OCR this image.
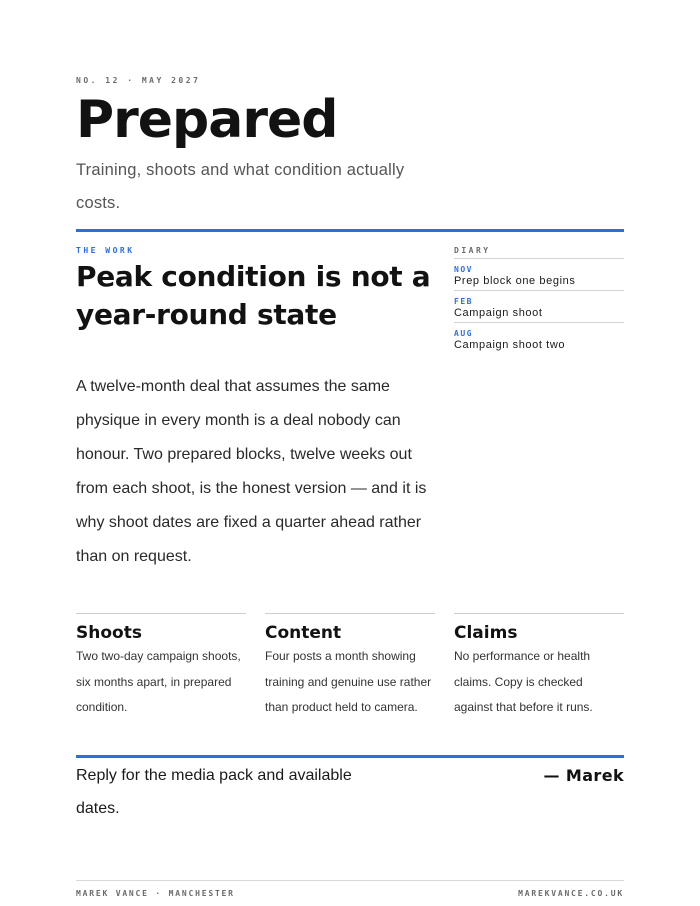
NO. 12 · MAY 2027
Prepared

Training, shoots and what condition actually costs.

THE WORK
Peak condition is not a year-round state

A twelve-month deal that assumes the same physique in every month is a deal nobody can honour. Two prepared blocks, twelve weeks out from each shoot, is the honest version — and it is why shoot dates are fixed a quarter ahead rather than on request.

DIARY
NOV
Prep block one begins
FEB
Campaign shoot
AUG
Campaign shoot two
Shoots

Two two-day campaign shoots, six months apart, in prepared condition.

Content

Four posts a month showing training and genuine use rather than product held to camera.

Claims

No performance or health claims. Copy is checked against that before it runs.

Reply for the media pack and available dates.

— Marek

MAREK VANCE · MANCHESTER	MAREKVANCE.CO.UK
